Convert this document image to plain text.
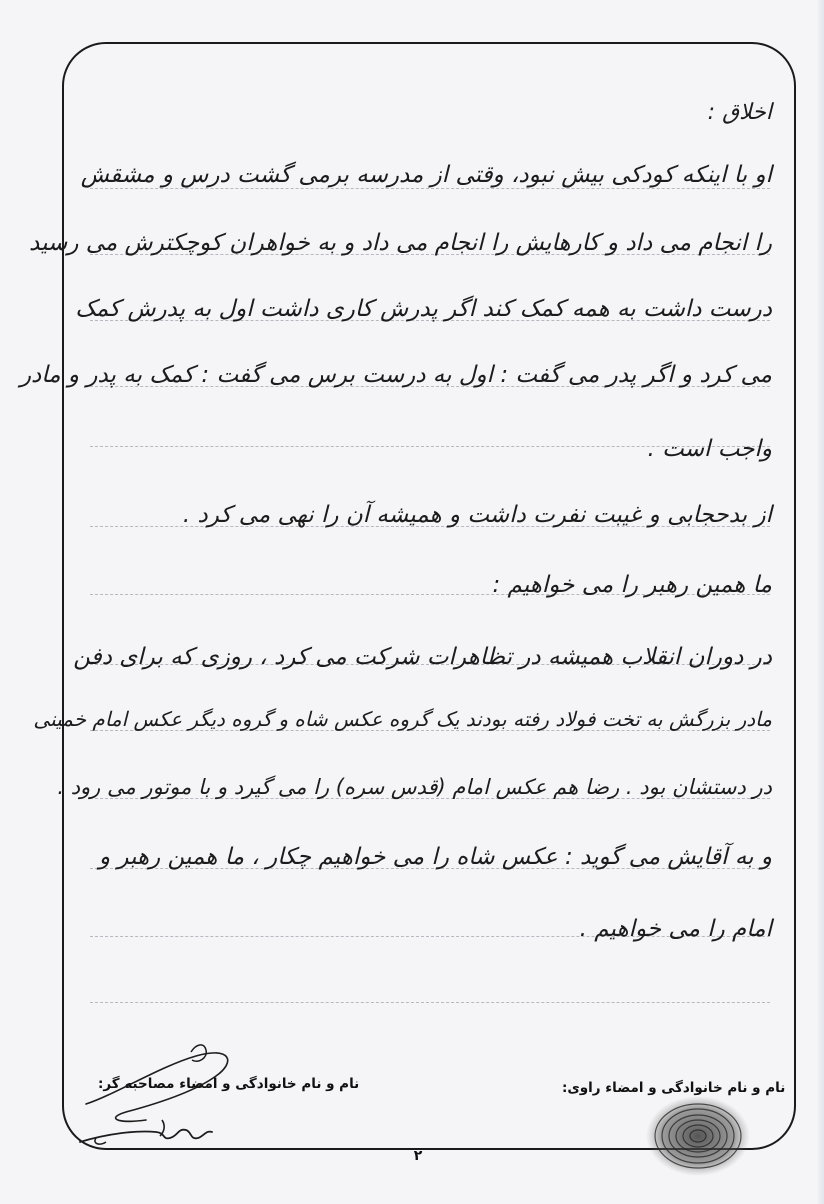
اخلاق :
او با اینکه کودکی بیش نبود، وقتی از مدرسه برمی گشت درس و مشقش
را انجام می داد و کارهایش را انجام می داد و به خواهران کوچکترش می رسید
درست داشت به همه کمک کند اگر پدرش کاری داشت اول به پدرش کمک
می کرد و اگر پدر می گفت : اول به درست برس می گفت : کمک به پدر و مادر
واجب است .
از بدحجابی و غیبت نفرت داشت و همیشه آن را نهی می کرد .
ما همین رهبر را می خواهیم :
در دوران انقلاب همیشه در تظاهرات شرکت می کرد ، روزی که برای دفن
مادر بزرگش به تخت فولاد رفته بودند یک گروه عکس شاه و گروه دیگر عکس امام خمینی
در دستشان بود . رضا هم عکس امام (قدس سره) را می گیرد و با موتور می رود .
و به آقایش می گوید : عکس شاه را می خواهیم چکار ، ما همین رهبر و
امام را می خواهیم .
نام و نام خانوادگی و امضاء مصاحبه گر:	نام و نام خانوادگی و امضاء راوی:
۲
